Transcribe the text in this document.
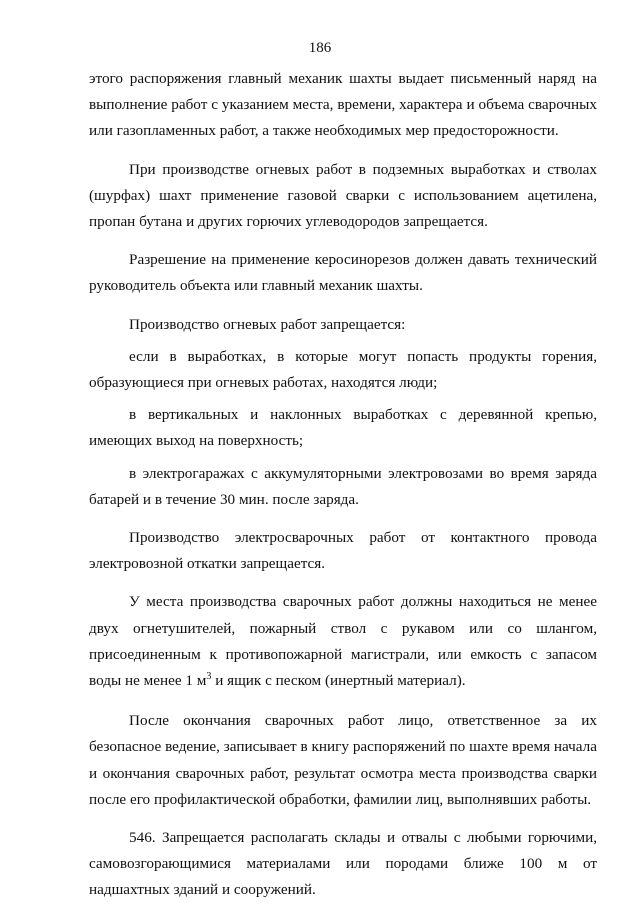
186

этого распоряжения главный механик шахты выдает письменный наряд на выполнение работ с указанием места, времени, характера и объема сварочных или газопламенных работ, а также необходимых мер предосторожности.

При производстве огневых работ в подземных выработках и стволах (шурфах) шахт применение газовой сварки с использованием ацетилена, пропан бутана и других горючих углеводородов запрещается.

Разрешение на применение керосинорезов должен давать технический руководитель объекта или главный механик шахты.

Производство огневых работ запрещается:

если в выработках, в которые могут попасть продукты горения, образующиеся при огневых работах, находятся люди;

в вертикальных и наклонных выработках с деревянной крепью, имеющих выход на поверхность;

в электрогаражах с аккумуляторными электровозами во время заряда батарей и в течение 30 мин. после заряда.

Производство электросварочных работ от контактного провода электровозной откатки запрещается.

У места производства сварочных работ должны находиться не менее двух огнетушителей, пожарный ствол с рукавом или со шлангом, присоединенным к противопожарной магистрали, или емкость с запасом воды не менее 1 $м^3$ и ящик с песком (инертный материал).

После окончания сварочных работ лицо, ответственное за их безопасное ведение, записывает в книгу распоряжений по шахте время начала и окончания сварочных работ, результат осмотра места производства сварки после его профилактической обработки, фамилии лиц, выполнявших работы.

546. Запрещается располагать склады и отвалы с любыми горючими, самовозгорающимися материалами или породами ближе 100 м от надшахтных зданий и сооружений.
